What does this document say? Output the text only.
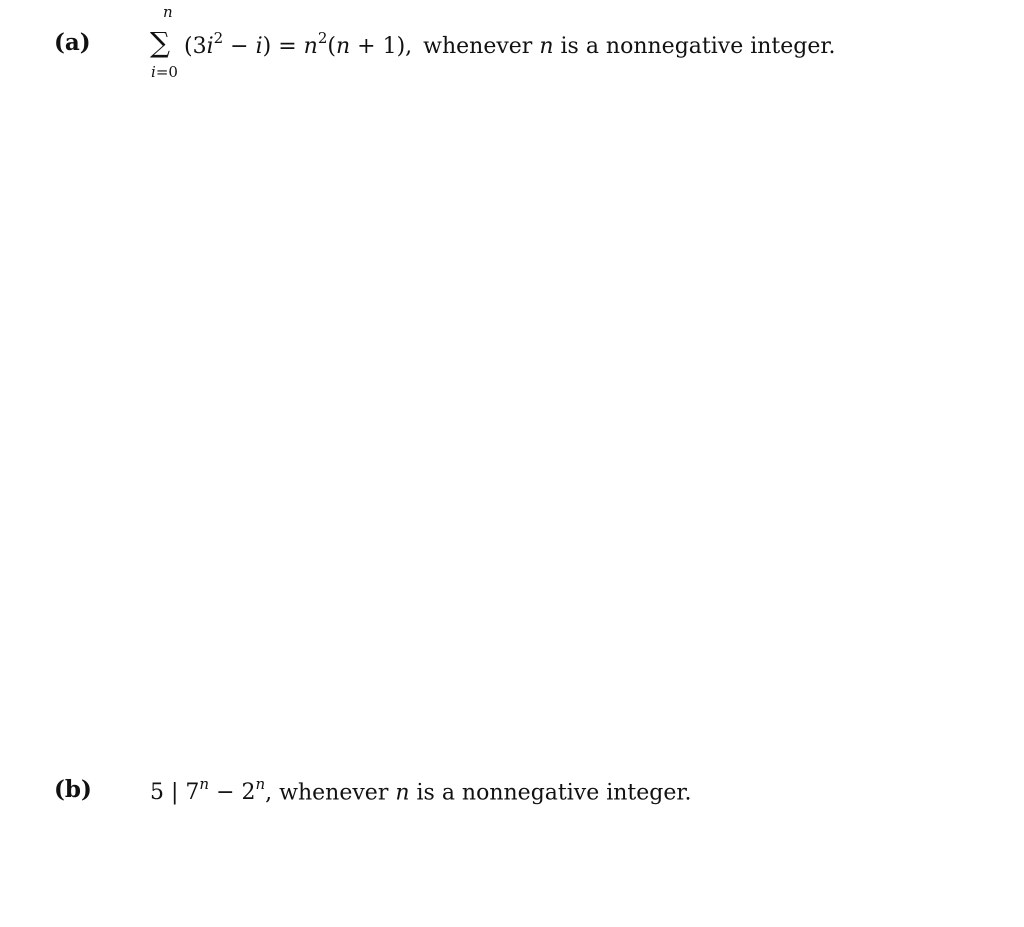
(a)
n
∑
i=0
$(3i^2 - i) = n^2(n + 1)$, whenever n is a nonnegative integer.
(b)	5 | $7^n - 2^n$, whenever n is a nonnegative integer.
